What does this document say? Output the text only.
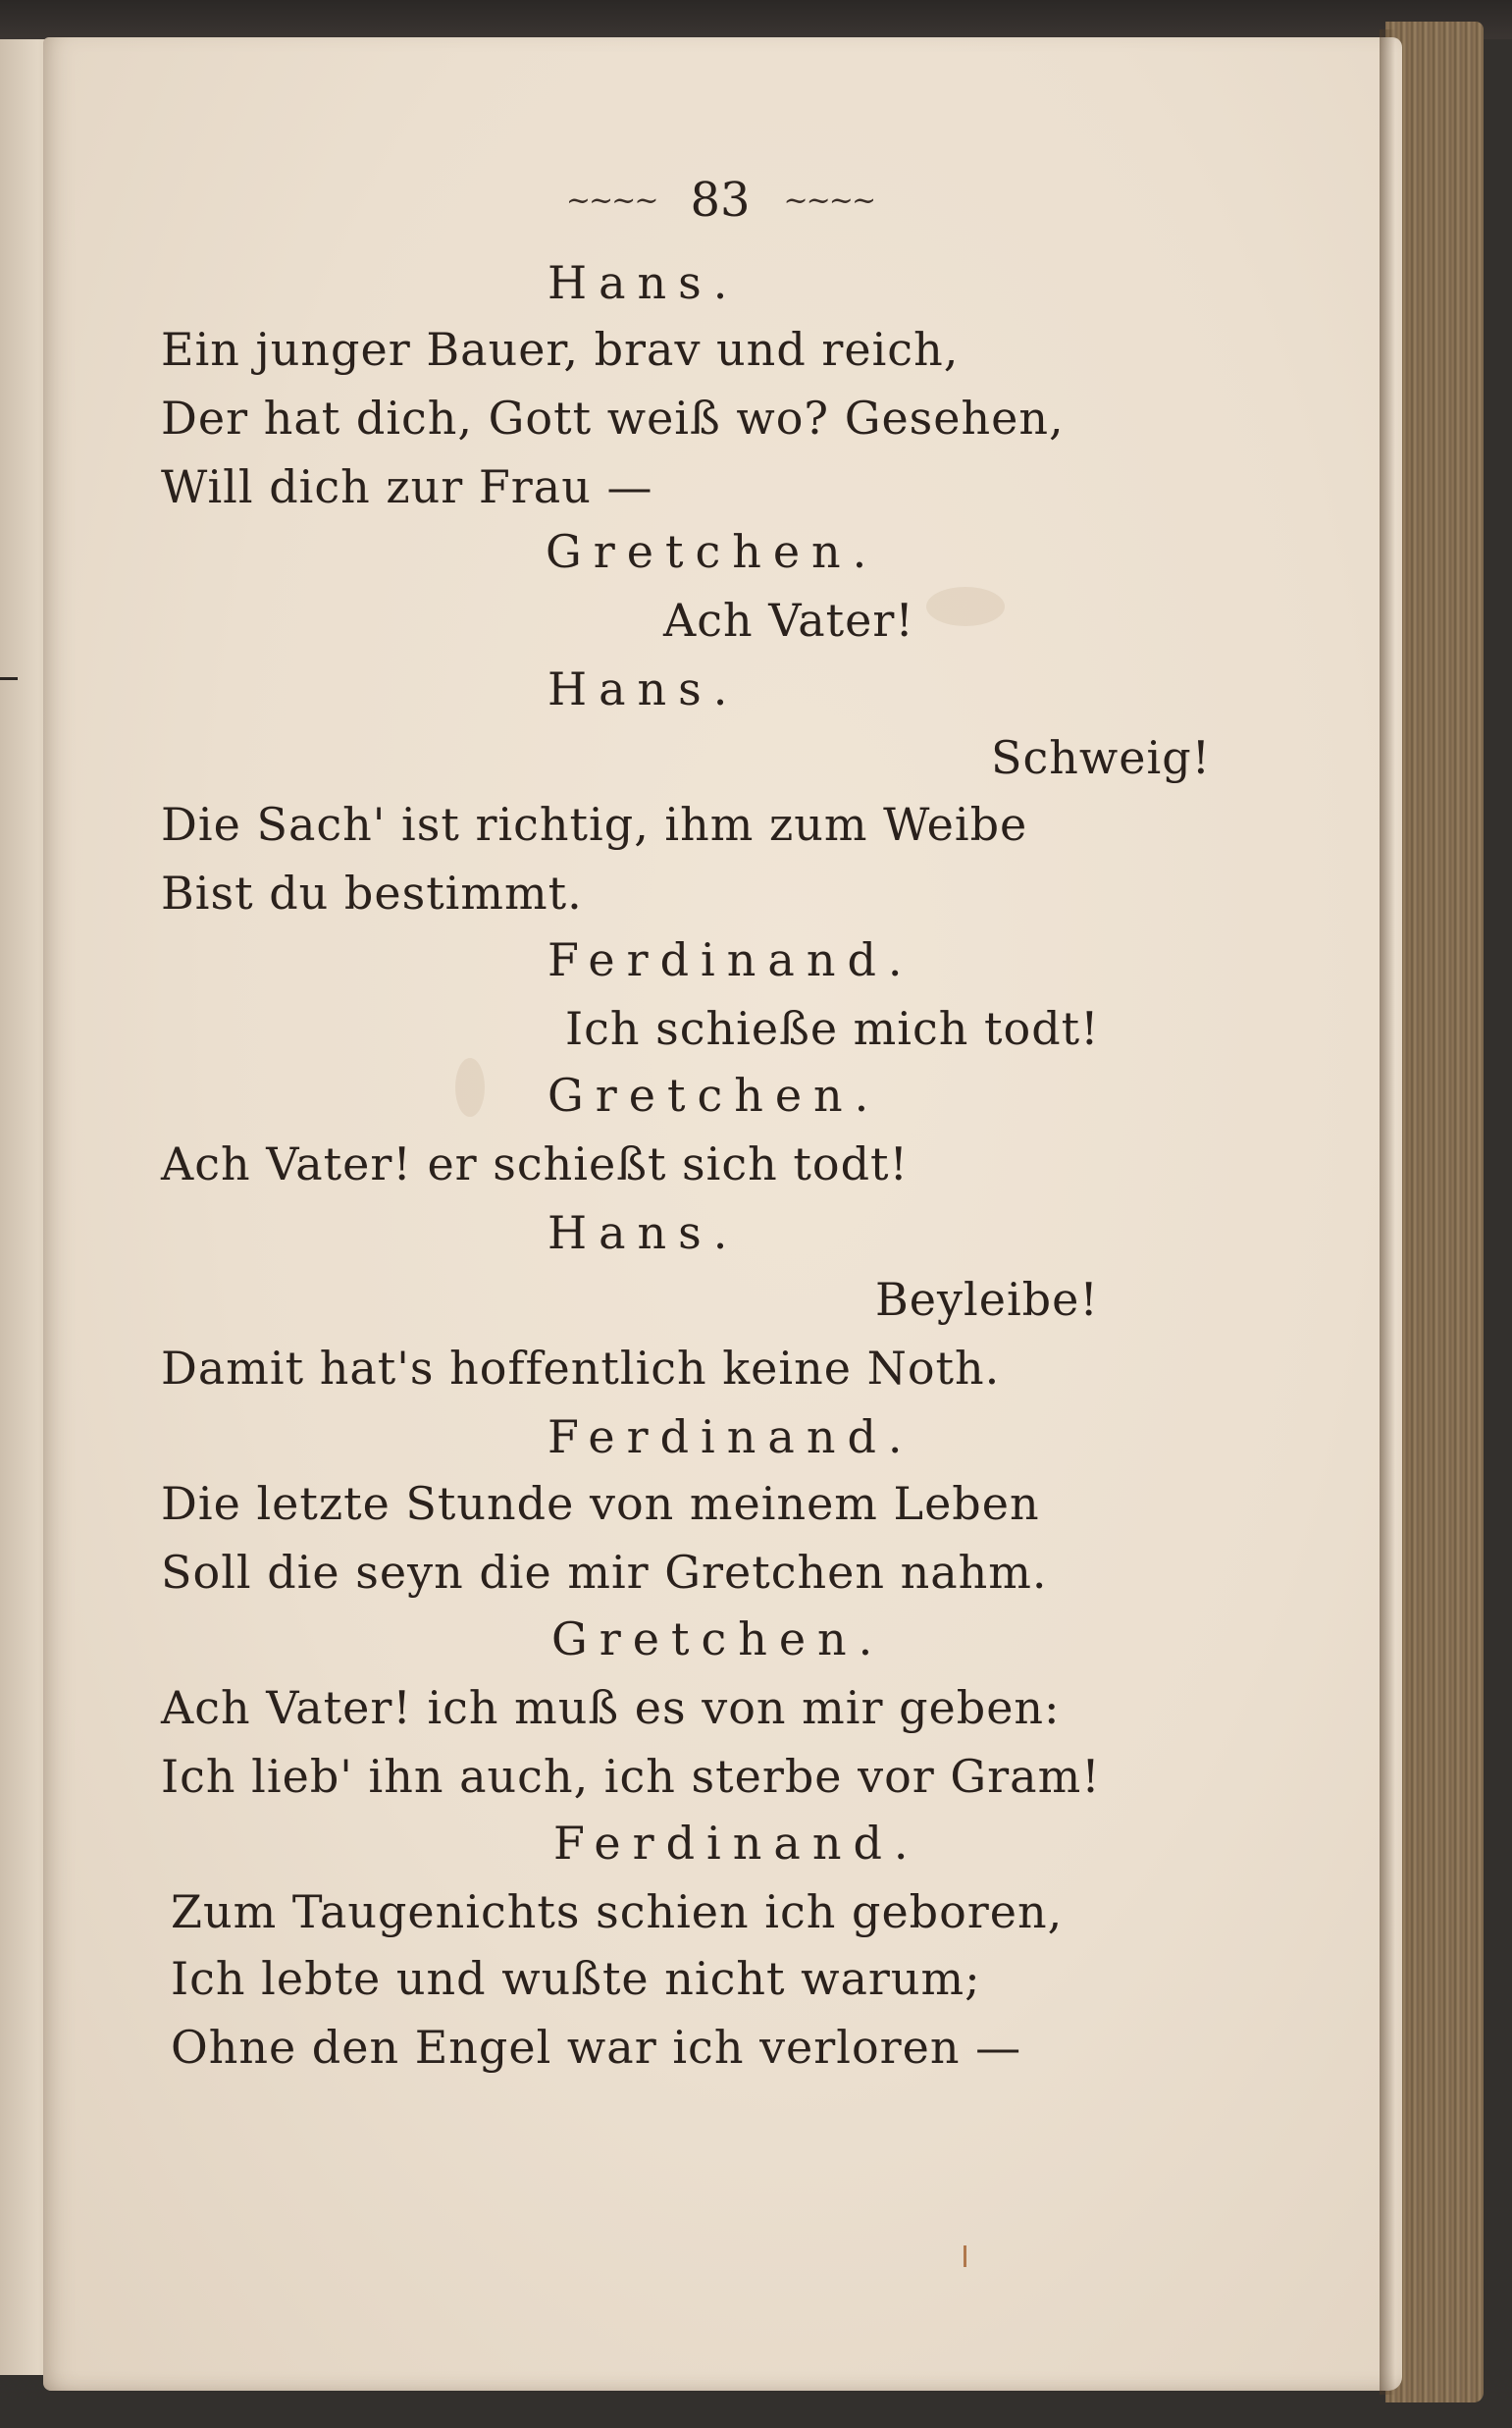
~~~~ 83 ~~~~
Hans.
Ein junger Bauer, brav und reich,
Der hat dich, Gott weiß wo? Gesehen,
Will dich zur Frau —
Gretchen.
Ach Vater!
Hans.
Schweig!
Die Sach' ist richtig, ihm zum Weibe
Bist du bestimmt.
Ferdinand.
Ich schieße mich todt!
Gretchen.
Ach Vater! er schießt sich todt!
Hans.
Beyleibe!
Damit hat's hoffentlich keine Noth.
Ferdinand.
Die letzte Stunde von meinem Leben
Soll die seyn die mir Gretchen nahm.
Gretchen.
Ach Vater! ich muß es von mir geben:
Ich lieb' ihn auch, ich sterbe vor Gram!
Ferdinand.
Zum Taugenichts schien ich geboren,
Ich lebte und wußte nicht warum;
Ohne den Engel war ich verloren —
